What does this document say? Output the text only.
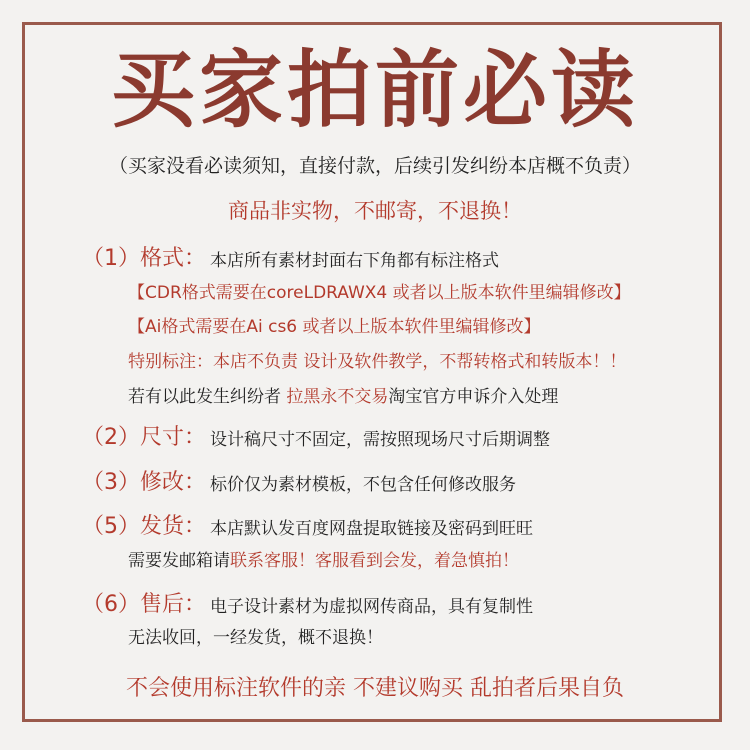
买家拍前必读
（买家没看必读须知，直接付款，后续引发纠纷本店概不负责）
商品非实物，不邮寄，不退换！
（1）格式： 本店所有素材封面右下角都有标注格式
【CDR格式需要在coreLDRAWX4 或者以上版本软件里编辑修改】
【Ai格式需要在Ai cs6 或者以上版本软件里编辑修改】
特别标注：本店不负责 设计及软件教学，不帮转格式和转版本！！
若有以此发生纠纷者 拉黑永不交易淘宝官方申诉介入处理
（2）尺寸： 设计稿尺寸不固定，需按照现场尺寸后期调整
（3）修改： 标价仅为素材模板，不包含任何修改服务
（5）发货： 本店默认发百度网盘提取链接及密码到旺旺
需要发邮箱请联系客服！客服看到会发，着急慎拍！
（6）售后： 电子设计素材为虚拟网传商品，具有复制性
无法收回，一经发货，概不退换！
不会使用标注软件的亲 不建议购买 乱拍者后果自负
